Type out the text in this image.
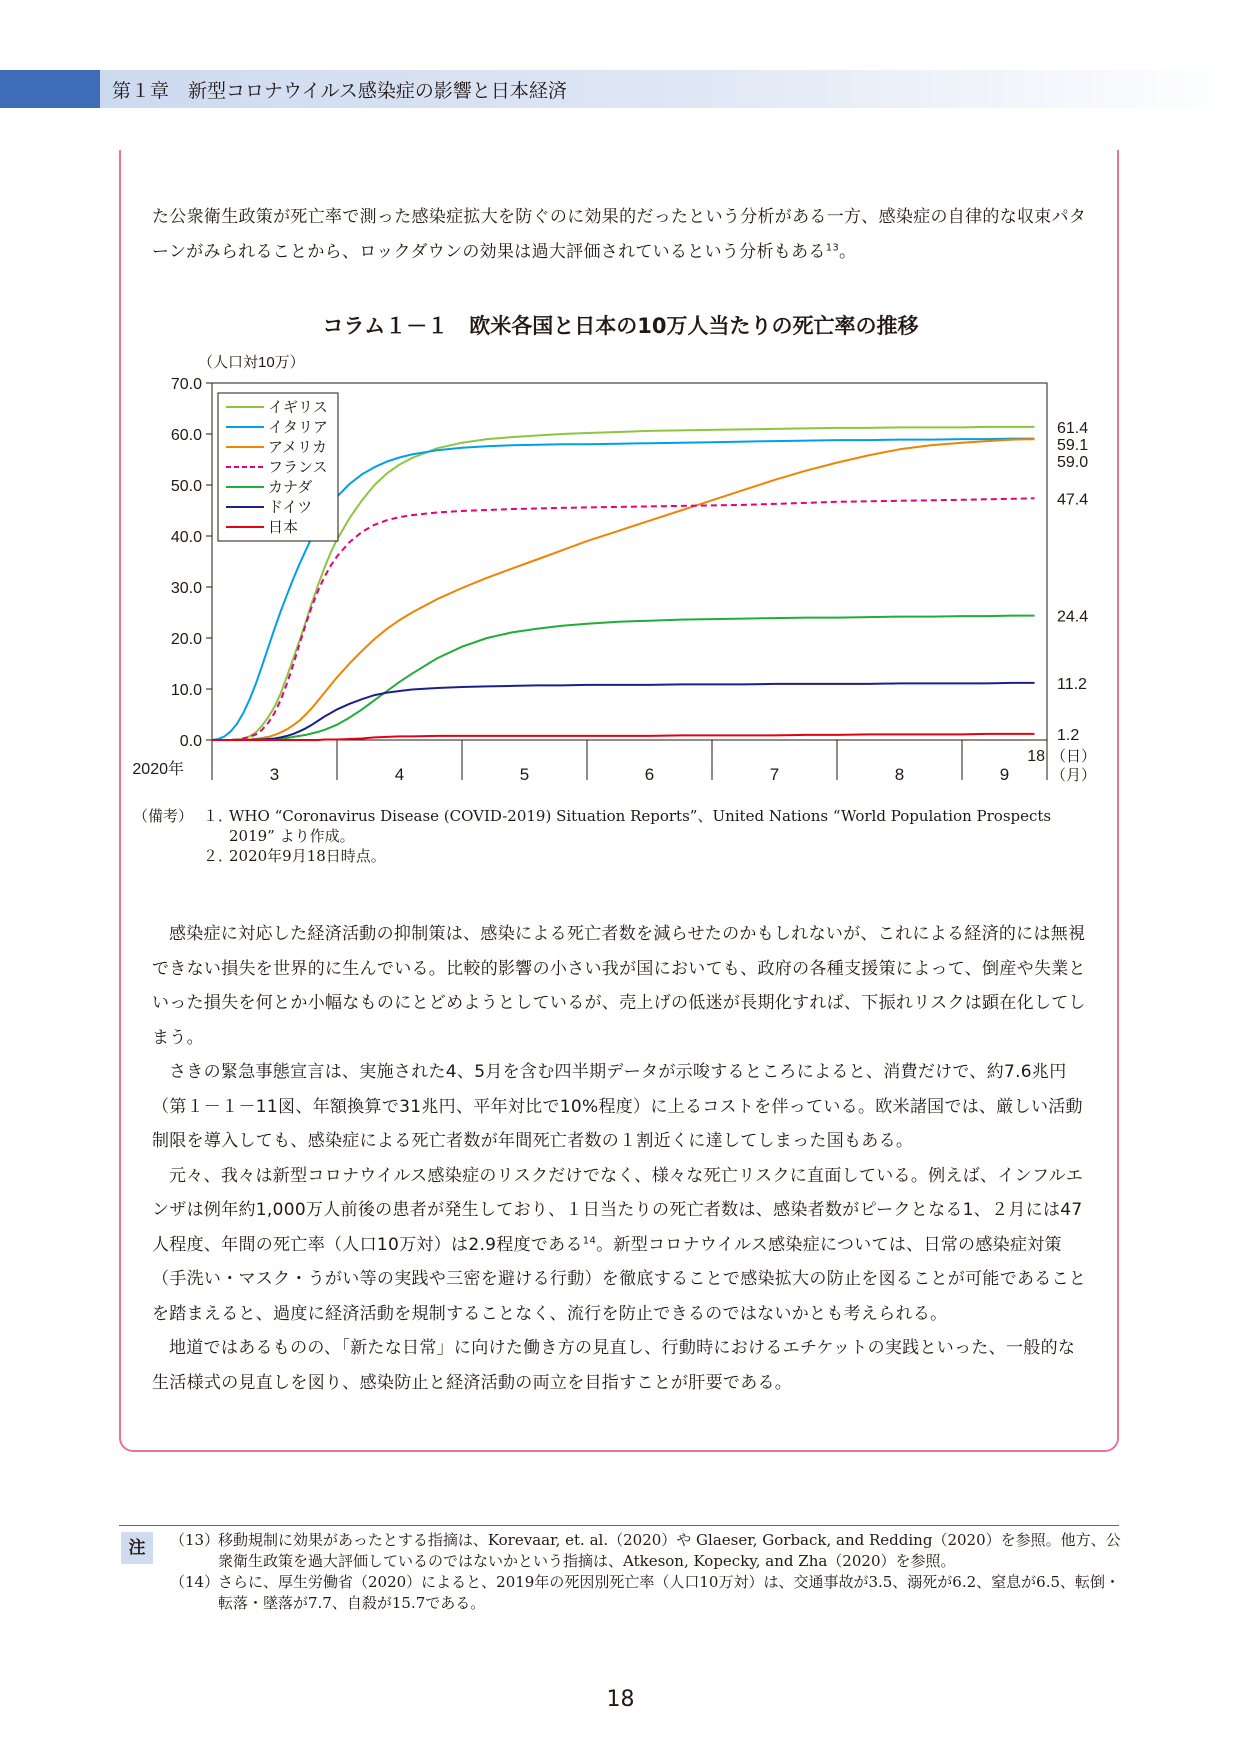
第１章　 新型コロナウイルス感染症の影響と日本経済

た公衆衛生政策が死亡率で測った感染症拡大を防ぐのに効果的だったという分析がある一方、感染症の自律的な収束パターンがみられることから、ロックダウンの効果は過大評価されているという分析もある$^{13}$。

コラム１－１　欧米各国と日本の10万人当たりの死亡率の推移
70.0
60.0
50.0
40.0
30.0
20.0
10.0
0.0
（人口対10万）
3	4	5	6	7	8	9
2020年
18 （日）
（月）
61.4
59.1
59.0
47.4
24.4
11.2
1.2
イギリス
イタリア
アメリカ
フランス
カナダ
ドイツ
日本
（備考） １．
WHO “Coronavirus Disease (COVID-2019) Situation Reports”、United Nations “World Population Prospects 2019” より作成。
２．
2020年9月18日時点。

感染症に対応した経済活動の抑制策は、感染による死亡者数を減らせたのかもしれないが、これによる経済的には無視できない損失を世界的に生んでいる。比較的影響の小さい我が国においても、政府の各種支援策によって、倒産や失業といった損失を何とか小幅なものにとどめようとしているが、売上げの低迷が長期化すれば、下振れリスクは顕在化してしまう。

さきの緊急事態宣言は、実施された4、5月を含む四半期データが示唆するところによると、消費だけで、約7.6兆円（第１－１－11図、年額換算で31兆円、平年対比で10%程度）に上るコストを伴っている。欧米諸国では、厳しい活動制限を導入しても、感染症による死亡者数が年間死亡者数の１割近くに達してしまった国もある。

元々、我々は新型コロナウイルス感染症のリスクだけでなく、様々な死亡リスクに直面している。例えば、インフルエンザは例年約1,000万人前後の患者が発生しており、１日当たりの死亡者数は、感染者数がピークとなる1、２月には47人程度、年間の死亡率（人口10万対）は2.9程度である$^{14}$。新型コロナウイルス感染症については、日常の感染症対策（手洗い・マスク・うがい等の実践や三密を避ける行動）を徹底することで感染拡大の防止を図ることが可能であることを踏まえると、過度に経済活動を規制することなく、流行を防止できるのではないかとも考えられる。

地道ではあるものの、「新たな日常」に向けた働き方の見直し、行動時におけるエチケットの実践といった、一般的な生活様式の見直しを図り、感染防止と経済活動の両立を目指すことが肝要である。

注	（13）
移動規制に効果があったとする指摘は、Korevaar, et. al.（2020）や Glaeser, Gorback, and Redding（2020）を参照。他方、公衆衛生政策を過大評価しているのではないかという指摘は、Atkeson, Kopecky, and Zha（2020）を参照。
（14）
さらに、厚生労働省（2020）によると、2019年の死因別死亡率（人口10万対）は、交通事故が3.5、溺死が6.2、窒息が6.5、転倒・転落・墜落が7.7、自殺が15.7である。
18
